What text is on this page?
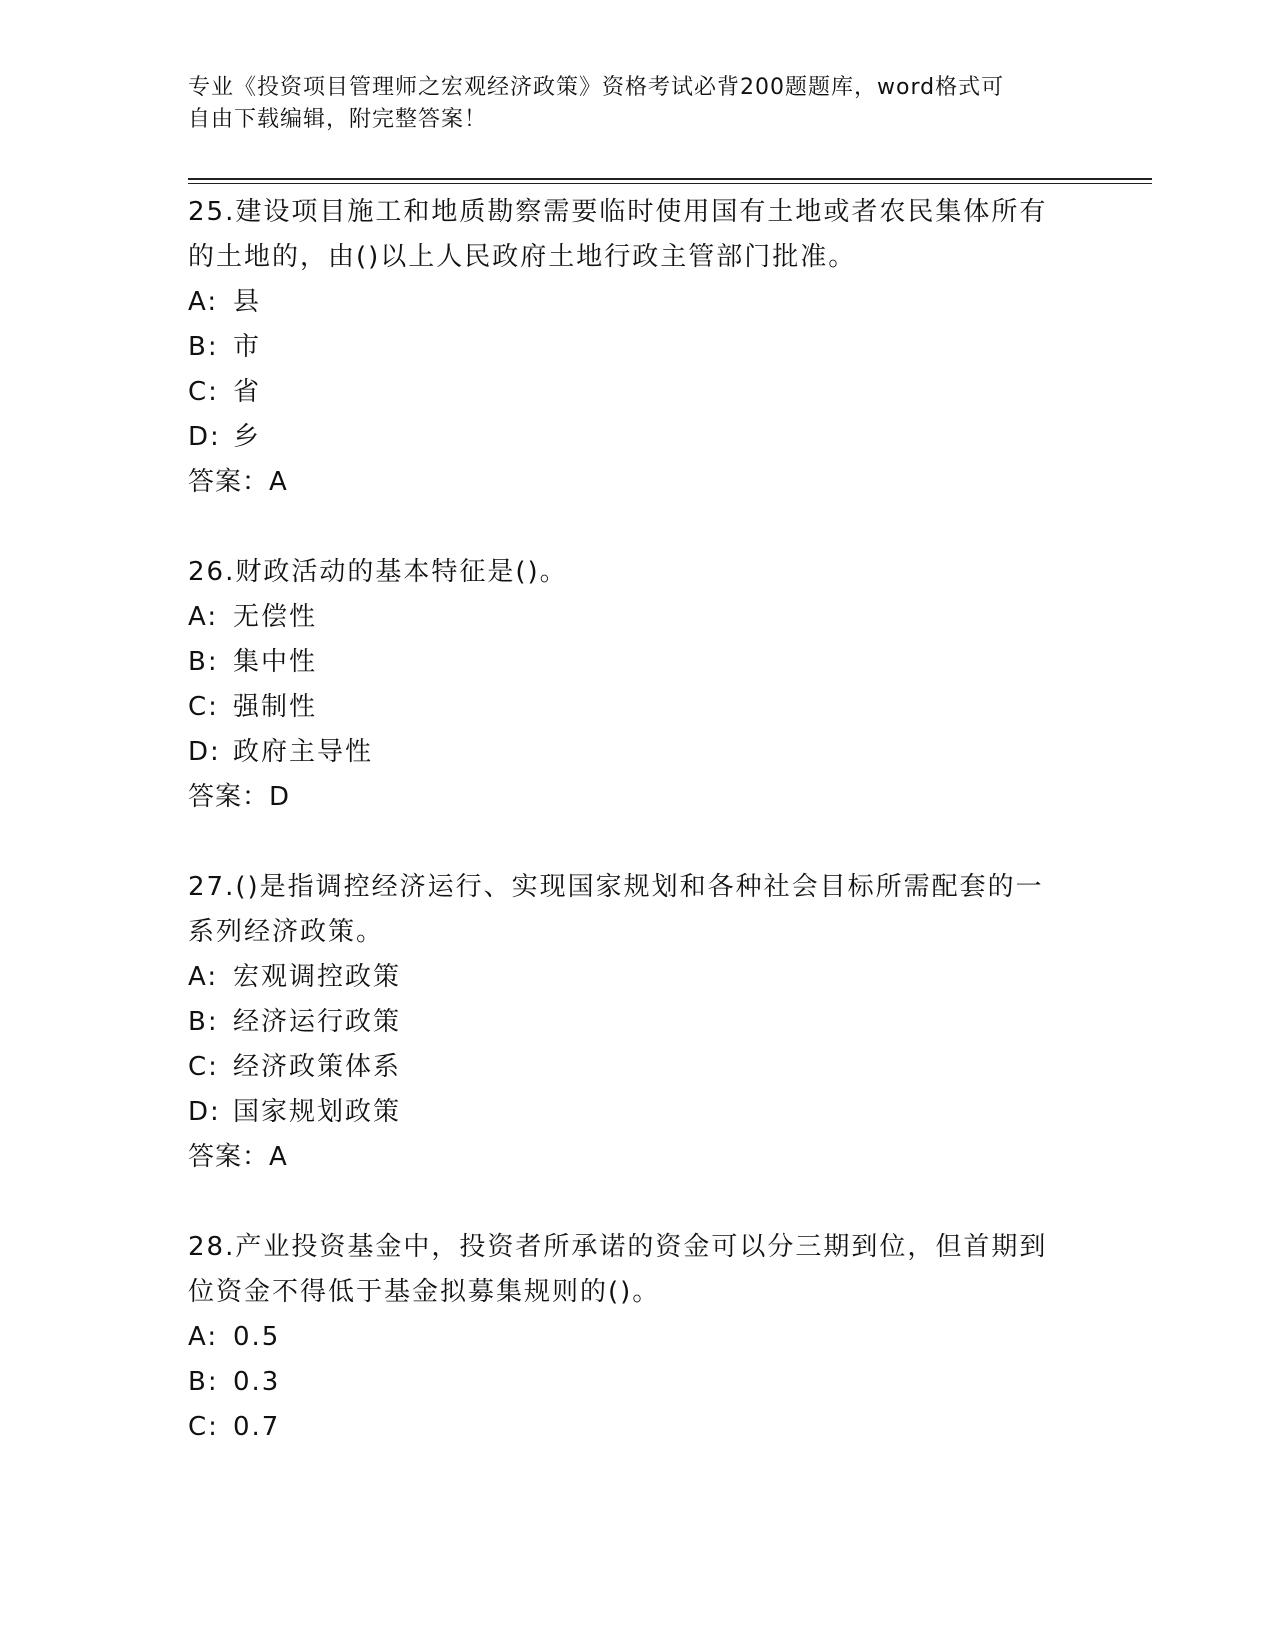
专业《投资项目管理师之宏观经济政策》资格考试必背200题题库，word格式可
自由下载编辑，附完整答案！
25.建设项目施工和地质勘察需要临时使用国有土地或者农民集体所有
的土地的，由()以上人民政府土地行政主管部门批准。
A: 县
B: 市
C: 省
D: 乡
答案：A
26.财政活动的基本特征是()。
A: 无偿性
B: 集中性
C: 强制性
D: 政府主导性
答案：D
27.()是指调控经济运行、实现国家规划和各种社会目标所需配套的一
系列经济政策。
A: 宏观调控政策
B: 经济运行政策
C: 经济政策体系
D: 国家规划政策
答案：A
28.产业投资基金中，投资者所承诺的资金可以分三期到位，但首期到
位资金不得低于基金拟募集规则的()。
A: 0.5
B: 0.3
C: 0.7
